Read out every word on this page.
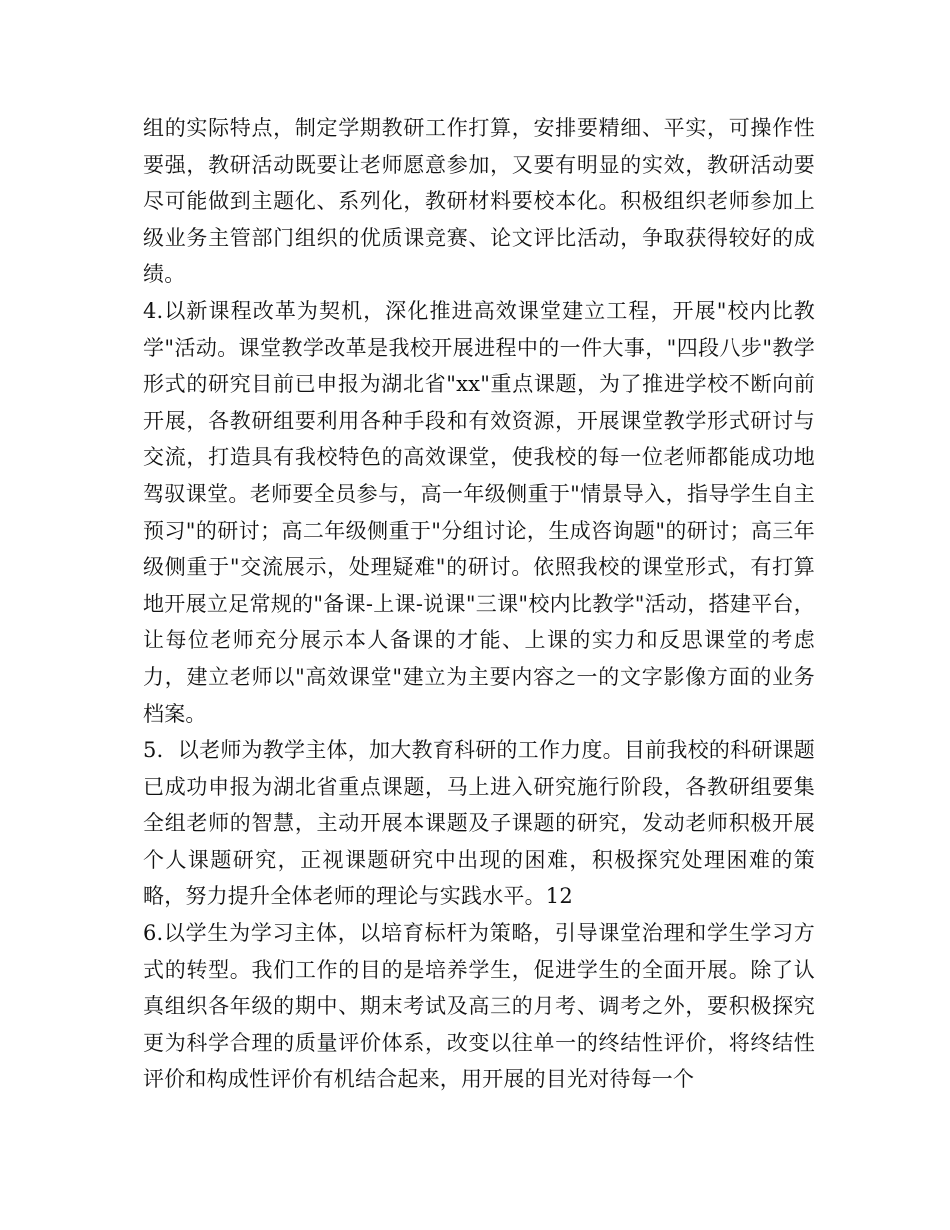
组的实际特点，制定学期教研工作打算，安排要精细、平实，可操作性要强，教研活动既要让老师愿意参加，又要有明显的实效，教研活动要尽可能做到主题化、系列化，教研材料要校本化。积极组织老师参加上级业务主管部门组织的优质课竞赛、论文评比活动，争取获得较好的成绩。

4.以新课程改革为契机，深化推进高效课堂建立工程，开展"校内比教学"活动。课堂教学改革是我校开展进程中的一件大事，"四段八步"教学形式的研究目前已申报为湖北省"xx"重点课题，为了推进学校不断向前开展，各教研组要利用各种手段和有效资源，开展课堂教学形式研讨与交流，打造具有我校特色的高效课堂，使我校的每一位老师都能成功地驾驭课堂。老师要全员参与，高一年级侧重于"情景导入，指导学生自主预习"的研讨；高二年级侧重于"分组讨论，生成咨询题"的研讨；高三年级侧重于"交流展示，处理疑难"的研讨。依照我校的课堂形式，有打算地开展立足常规的"备课-上课-说课"三课"校内比教学"活动，搭建平台，让每位老师充分展示本人备课的才能、上课的实力和反思课堂的考虑力，建立老师以"高效课堂"建立为主要内容之一的文字影像方面的业务档案。

5．以老师为教学主体，加大教育科研的工作力度。目前我校的科研课题已成功申报为湖北省重点课题，马上进入研究施行阶段，各教研组要集全组老师的智慧，主动开展本课题及子课题的研究，发动老师积极开展个人课题研究，正视课题研究中出现的困难，积极探究处理困难的策略，努力提升全体老师的理论与实践水平。12

6.以学生为学习主体，以培育标杆为策略，引导课堂治理和学生学习方式的转型。我们工作的目的是培养学生，促进学生的全面开展。除了认真组织各年级的期中、期末考试及高三的月考、调考之外，要积极探究更为科学合理的质量评价体系，改变以往单一的终结性评价，将终结性评价和构成性评价有机结合起来，用开展的目光对待每一个
